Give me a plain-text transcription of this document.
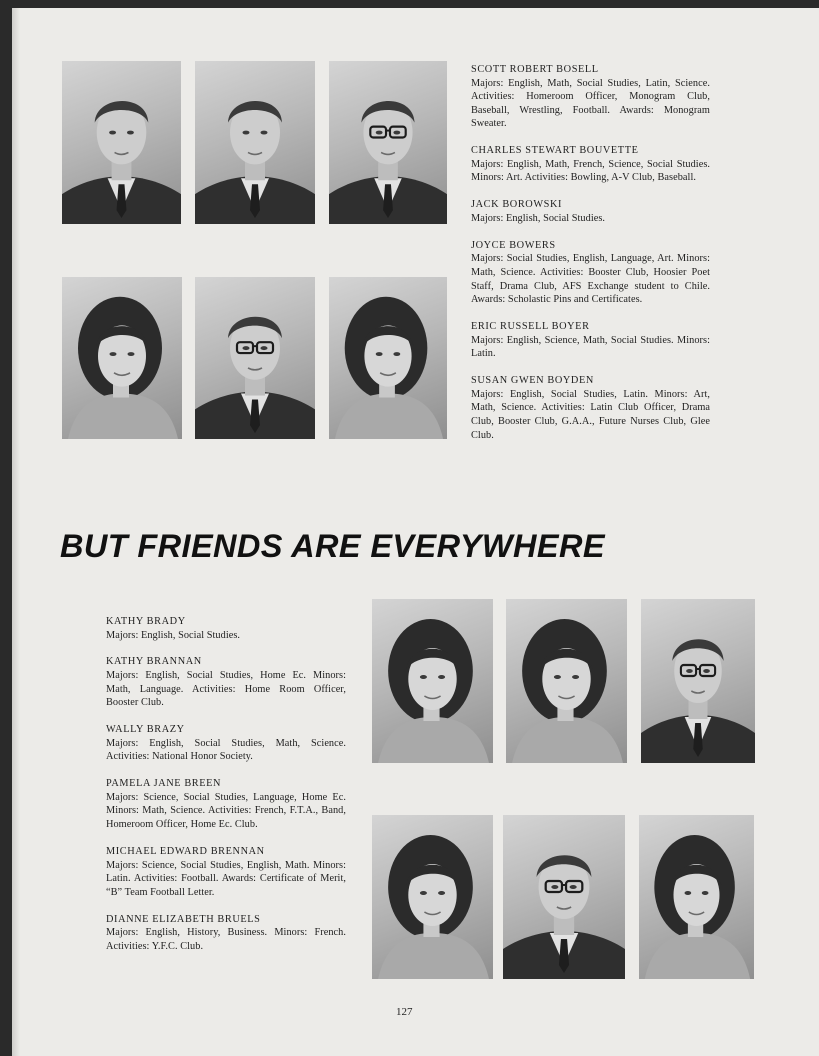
SCOTT ROBERT BOSELL
Majors: English, Math, Social Studies, Latin, Science. Activities: Homeroom Officer, Monogram Club, Baseball, Wrestling, Football. Awards: Monogram Sweater.
CHARLES STEWART BOUVETTE
Majors: English, Math, French, Science, Social Studies. Minors: Art. Activities: Bowling, A-V Club, Baseball.
JACK BOROWSKI
Majors: English, Social Studies.
JOYCE BOWERS
Majors: Social Studies, English, Language, Art. Minors: Math, Science. Activities: Booster Club, Hoosier Poet Staff, Drama Club, AFS Exchange student to Chile. Awards: Scholastic Pins and Certificates.
ERIC RUSSELL BOYER
Majors: English, Science, Math, Social Studies. Minors: Latin.
SUSAN GWEN BOYDEN
Majors: English, Social Studies, Latin. Minors: Art, Math, Science. Activities: Latin Club Officer, Drama Club, Booster Club, G.A.A., Future Nurses Club, Glee Club.
BUT FRIENDS ARE EVERYWHERE
KATHY BRADY
Majors: English, Social Studies.
KATHY BRANNAN
Majors: English, Social Studies, Home Ec. Minors: Math, Language. Activities: Home Room Officer, Booster Club.
WALLY BRAZY
Majors: English, Social Studies, Math, Science. Activities: National Honor Society.
PAMELA JANE BREEN
Majors: Science, Social Studies, Language, Home Ec. Minors: Math, Science. Activities: French, F.T.A., Band, Homeroom Officer, Home Ec. Club.
MICHAEL EDWARD BRENNAN
Majors: Science, Social Studies, English, Math. Minors: Latin. Activities: Football. Awards: Certificate of Merit, “B” Team Football Letter.
DIANNE ELIZABETH BRUELS
Majors: English, History, Business. Minors: French. Activities: Y.F.C. Club.
127
